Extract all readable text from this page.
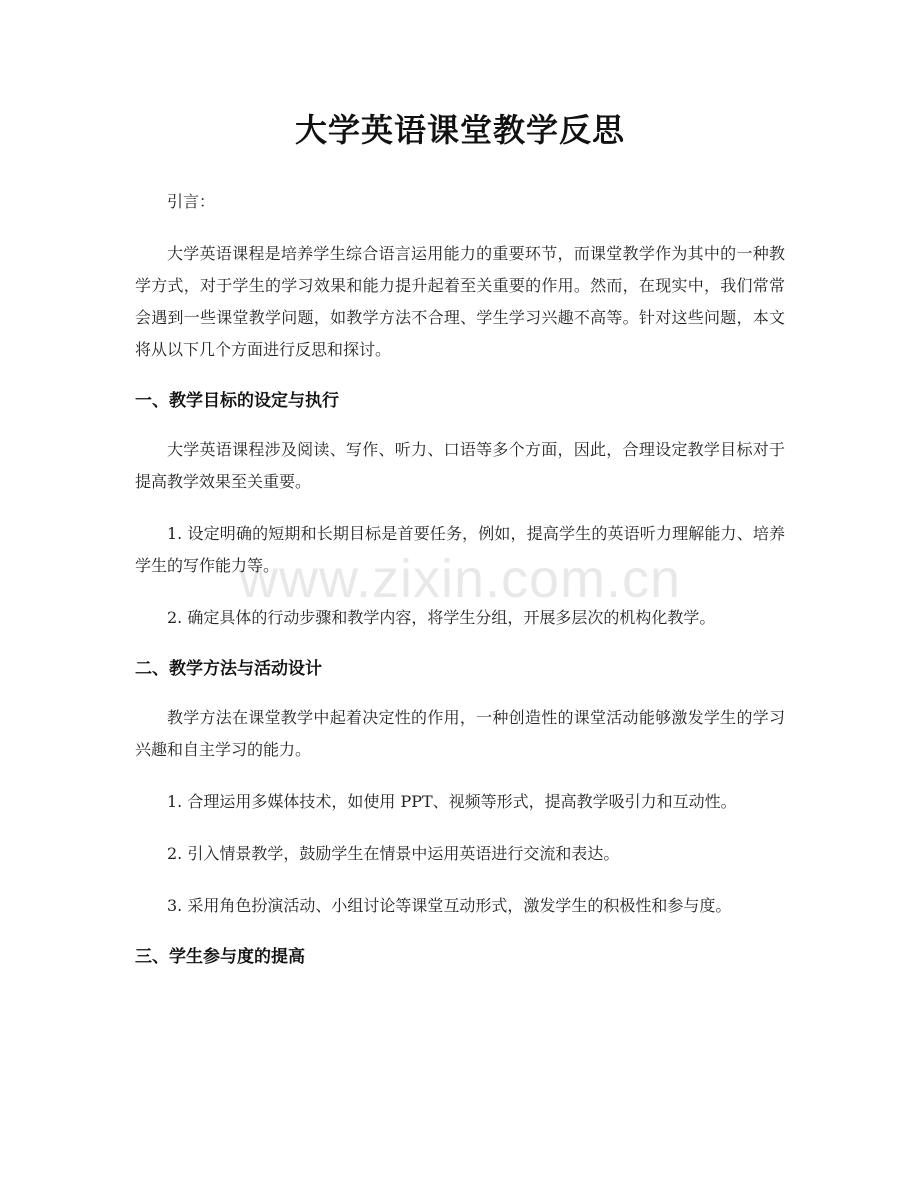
大学英语课堂教学反思

引言：

大学英语课程是培养学生综合语言运用能力的重要环节，而课堂教学作为其中的一种教学方式，对于学生的学习效果和能力提升起着至关重要的作用。然而，在现实中，我们常常会遇到一些课堂教学问题，如教学方法不合理、学生学习兴趣不高等。针对这些问题，本文将从以下几个方面进行反思和探讨。

一、教学目标的设定与执行

大学英语课程涉及阅读、写作、听力、口语等多个方面，因此，合理设定教学目标对于提高教学效果至关重要。

1. 设定明确的短期和长期目标是首要任务，例如，提高学生的英语听力理解能力、培养学生的写作能力等。

2. 确定具体的行动步骤和教学内容，将学生分组，开展多层次的机构化教学。

二、教学方法与活动设计

教学方法在课堂教学中起着决定性的作用，一种创造性的课堂活动能够激发学生的学习兴趣和自主学习的能力。

1. 合理运用多媒体技术，如使用 PPT、视频等形式，提高教学吸引力和互动性。

2. 引入情景教学，鼓励学生在情景中运用英语进行交流和表达。

3. 采用角色扮演活动、小组讨论等课堂互动形式，激发学生的积极性和参与度。

三、学生参与度的提高
www.zixin.com.cn
